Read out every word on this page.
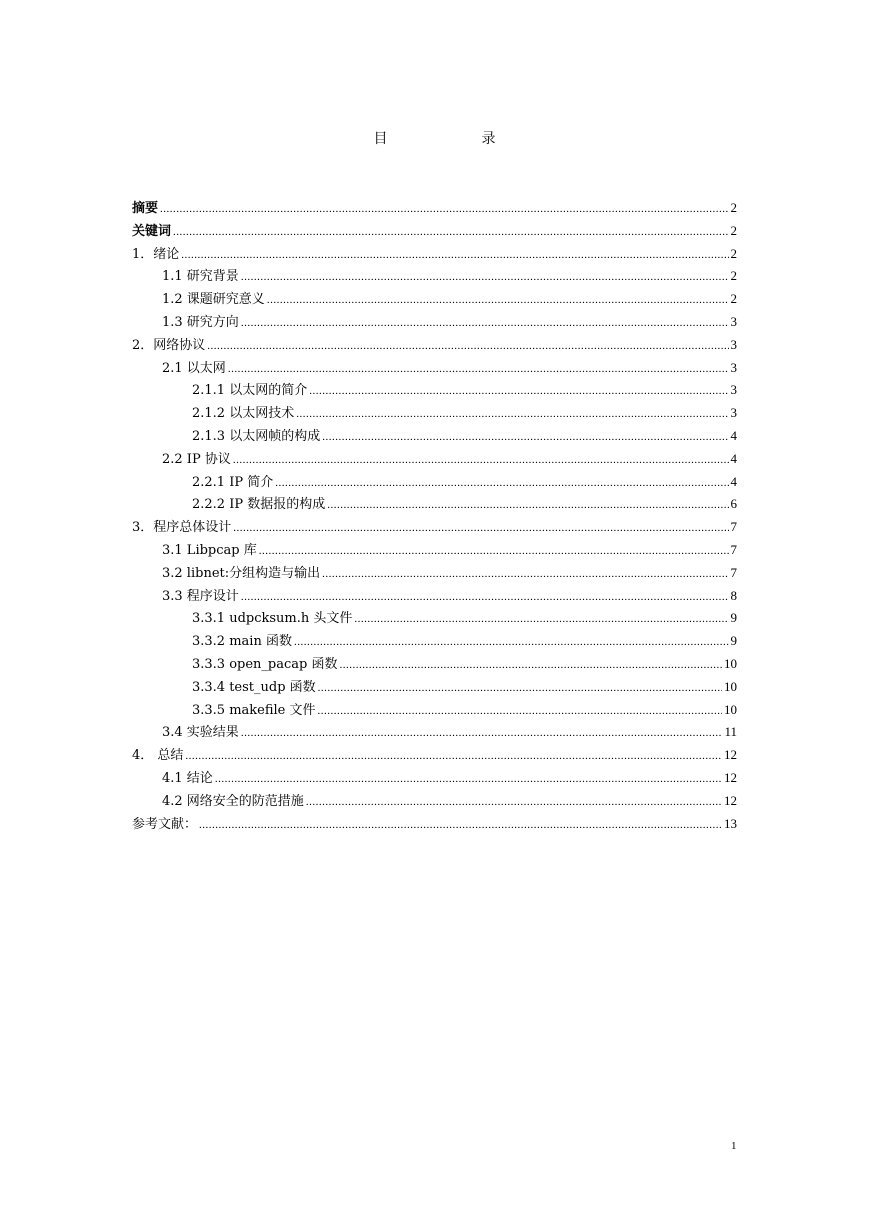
目　录
摘要 .....	2
关键词 .....	2
1．绪论 .....	2
1.1 研究背景 .....	2
1.2 课题研究意义 .....	2
1.3 研究方向 .....	3
2．网络协议 .....	3
2.1 以太网 .....	3
2.1.1 以太网的简介 .....	3
2.1.2 以太网技术 .....	3
2.1.3 以太网帧的构成 .....	4
2.2 IP 协议 .....	4
2.2.1 IP 简介 .....	4
2.2.2 IP 数据报的构成 .....	6
3．程序总体设计 .....	7
3.1 Libpcap 库 .....	7
3.2 libnet:分组构造与输出 .....	7
3.3 程序设计 .....	8
3.3.1 udpcksum.h 头文件 .....	9
3.3.2 main 函数 .....	9
3.3.3 open_pacap 函数 .....	10
3.3.4 test_udp 函数 .....	10
3.3.5 makefile 文件 .....	10
3.4 实验结果 .....	11
4． 总结 .....	12
4.1 结论 .....	12
4.2 网络安全的防范措施 .....	12
参考文献： .....	13
1
